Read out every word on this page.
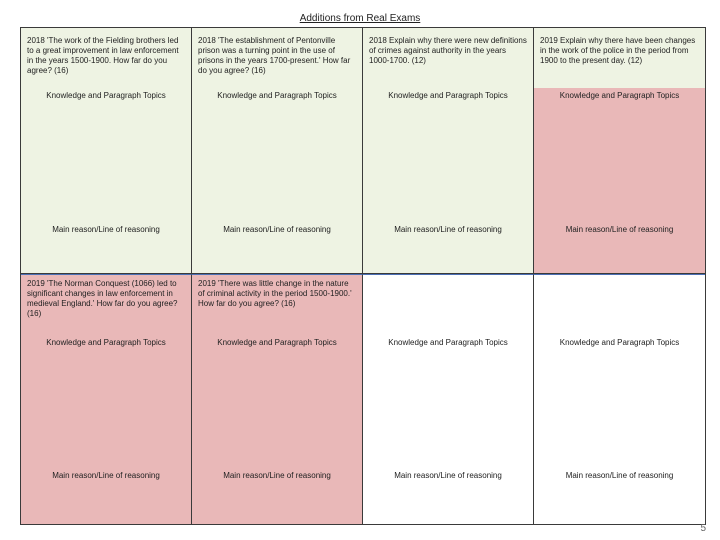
Additions from Real Exams
2018 'The work of the Fielding brothers led to a great improvement in law enforcement in the years 1500-1900. How far do you agree? (16)
Knowledge and Paragraph Topics
Main reason/Line of reasoning
2018 'The establishment of Pentonville prison was a turning point in the use of prisons in the years 1700-present.' How far do you agree? (16)
Knowledge and Paragraph Topics
Main reason/Line of reasoning
2018 Explain why there were new definitions of crimes against authority in the years 1000-1700. (12)
Knowledge and Paragraph Topics
Main reason/Line of reasoning
2019 Explain why there have been changes in the work of the police in the period from 1900 to the present day. (12)
Knowledge and Paragraph Topics
Main reason/Line of reasoning
2019 'The Norman Conquest (1066) led to significant changes in law enforcement in medieval England.' How far do you agree? (16)
Knowledge and Paragraph Topics
Main reason/Line of reasoning
2019 'There was little change in the nature of criminal activity in the period 1500-1900.' How far do you agree? (16)
Knowledge and Paragraph Topics
Main reason/Line of reasoning
Knowledge and Paragraph Topics
Main reason/Line of reasoning
Knowledge and Paragraph Topics
Main reason/Line of reasoning
5
